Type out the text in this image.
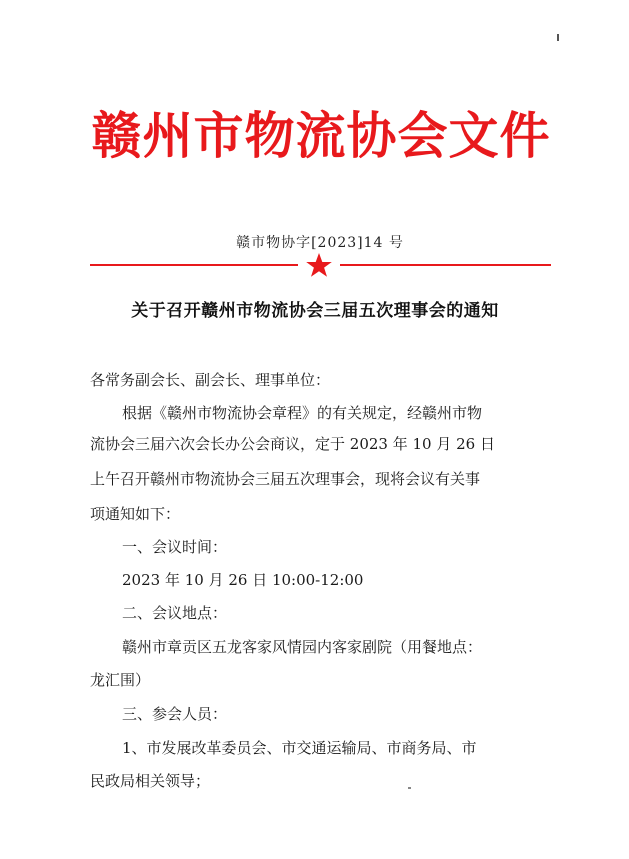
赣州市物流协会文件
赣市物协字[2023]14 号
关于召开赣州市物流协会三届五次理事会的通知
各常务副会长、副会长、理事单位：
根据《赣州市物流协会章程》的有关规定，经赣州市物
流协会三届六次会长办公会商议，定于 2023 年 10 月 26 日
上午召开赣州市物流协会三届五次理事会，现将会议有关事
项通知如下：
一、会议时间：
2023 年 10 月 26 日 10:00-12:00
二、会议地点：
赣州市章贡区五龙客家风情园内客家剧院（用餐地点：
龙汇围）
三、参会人员：
1、市发展改革委员会、市交通运输局、市商务局、市
民政局相关领导；
